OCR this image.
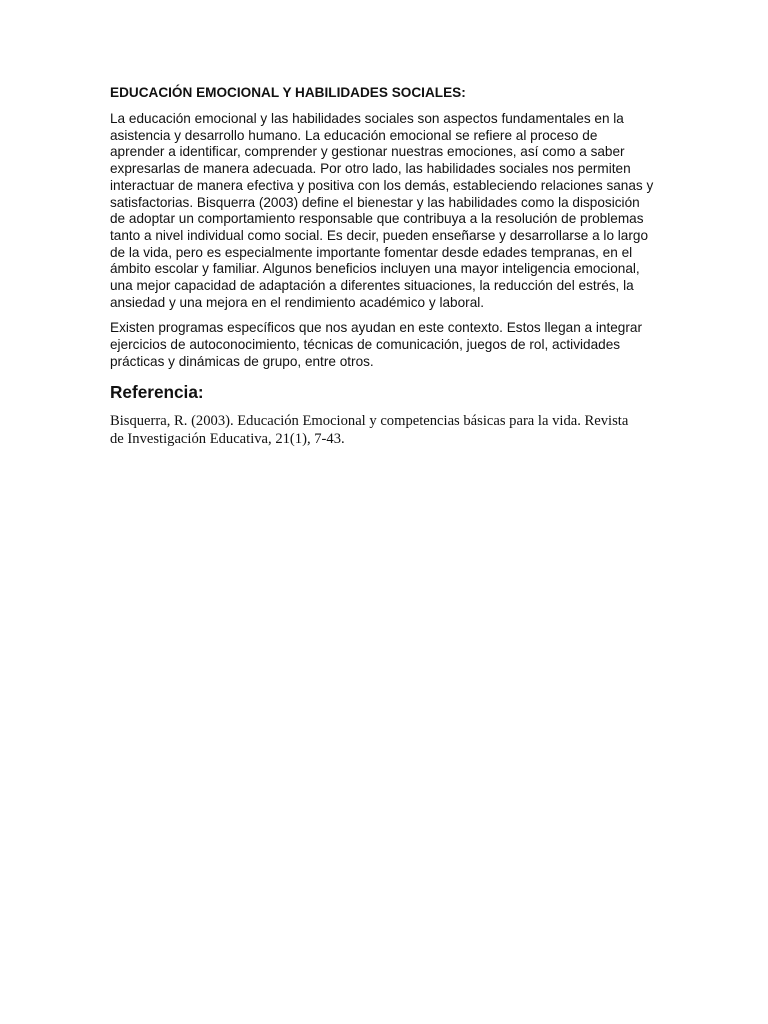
EDUCACIÓN EMOCIONAL Y HABILIDADES SOCIALES:

La educación emocional y las habilidades sociales son aspectos fundamentales en la asistencia y desarrollo humano. La educación emocional se refiere al proceso de aprender a identificar, comprender y gestionar nuestras emociones, así como a saber expresarlas de manera adecuada. Por otro lado, las habilidades sociales nos permiten interactuar de manera efectiva y positiva con los demás, estableciendo relaciones sanas y satisfactorias. Bisquerra (2003) define el bienestar y las habilidades como la disposición de adoptar un comportamiento responsable que contribuya a la resolución de problemas tanto a nivel individual como social. Es decir, pueden enseñarse y desarrollarse a lo largo de la vida, pero es especialmente importante fomentar desde edades tempranas, en el ámbito escolar y familiar. Algunos beneficios incluyen una mayor inteligencia emocional, una mejor capacidad de adaptación a diferentes situaciones, la reducción del estrés, la ansiedad y una mejora en el rendimiento académico y laboral.

Existen programas específicos que nos ayudan en este contexto. Estos llegan a integrar ejercicios de autoconocimiento, técnicas de comunicación, juegos de rol, actividades prácticas y dinámicas de grupo, entre otros.

Referencia:

Bisquerra, R. (2003). Educación Emocional y competencias básicas para la vida. Revista de Investigación Educativa, 21(1), 7-43.
